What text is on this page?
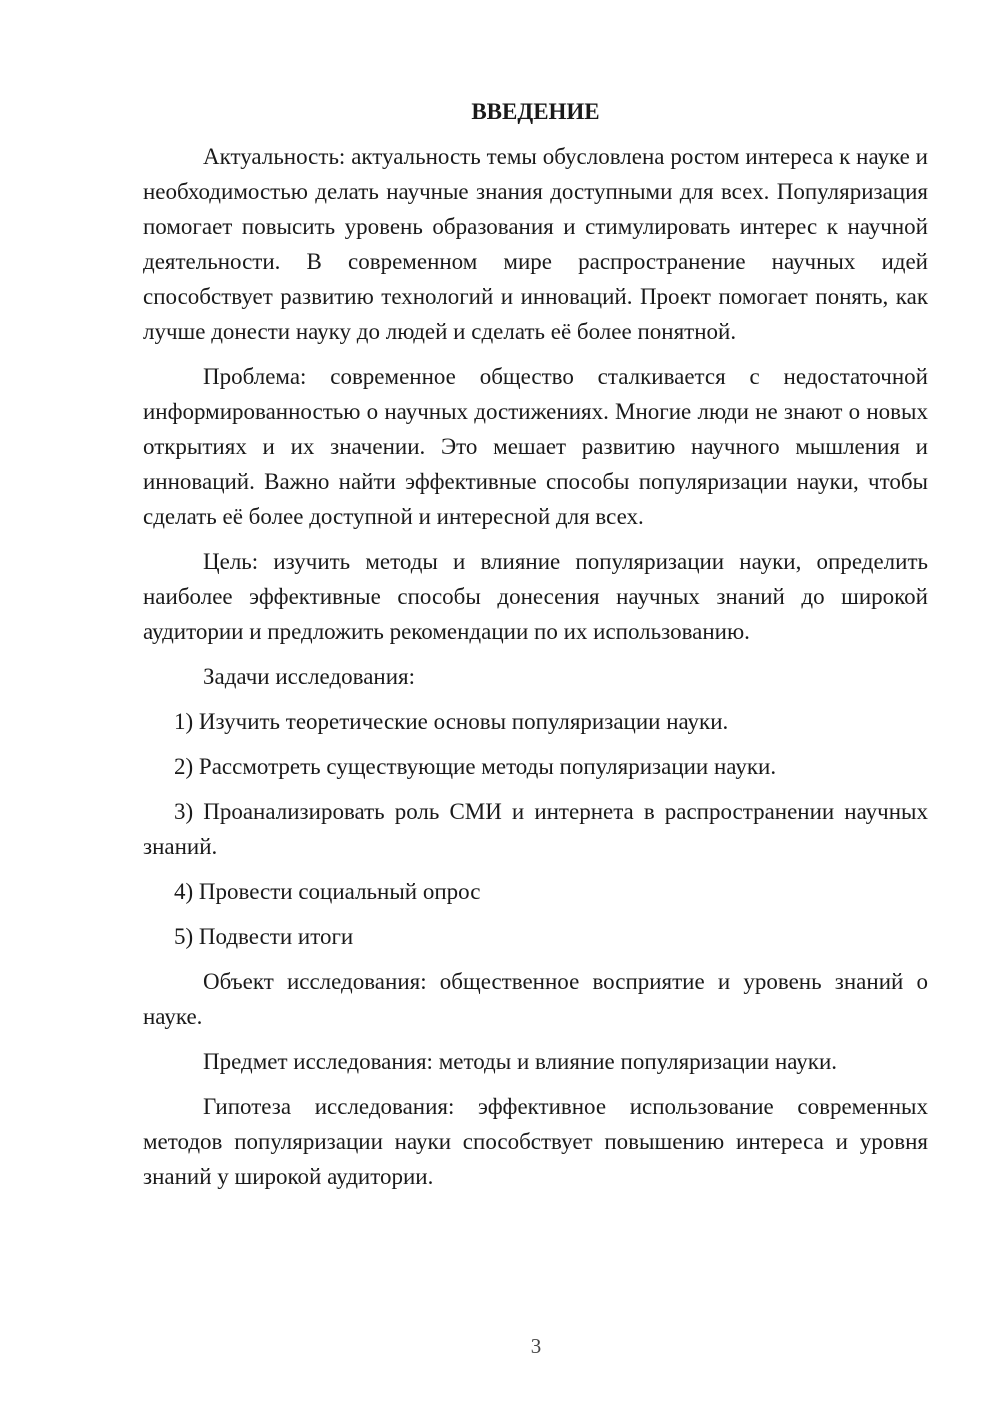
ВВЕДЕНИЕ

Актуальность: актуальность темы обусловлена ростом интереса к науке и необходимостью делать научные знания доступными для всех. Популяризация помогает повысить уровень образования и стимулировать интерес к научной деятельности. В современном мире распространение научных идей способствует развитию технологий и инноваций. Проект помогает понять, как лучше донести науку до людей и сделать её более понятной.

Проблема: современное общество сталкивается с недостаточной информированностью о научных достижениях. Многие люди не знают о новых открытиях и их значении. Это мешает развитию научного мышления и инноваций. Важно найти эффективные способы популяризации науки, чтобы сделать её более доступной и интересной для всех.

Цель: изучить методы и влияние популяризации науки, определить наиболее эффективные способы донесения научных знаний до широкой аудитории и предложить рекомендации по их использованию.

Задачи исследования:

1) Изучить теоретические основы популяризации науки.

2) Рассмотреть существующие методы популяризации науки.

3) Проанализировать роль СМИ и интернета в распространении научных знаний.

4) Провести социальный опрос

5) Подвести итоги

Объект исследования: общественное восприятие и уровень знаний о науке.

Предмет исследования: методы и влияние популяризации науки.

Гипотеза исследования: эффективное использование современных методов популяризации науки способствует повышению интереса и уровня знаний у широкой аудитории.

3
